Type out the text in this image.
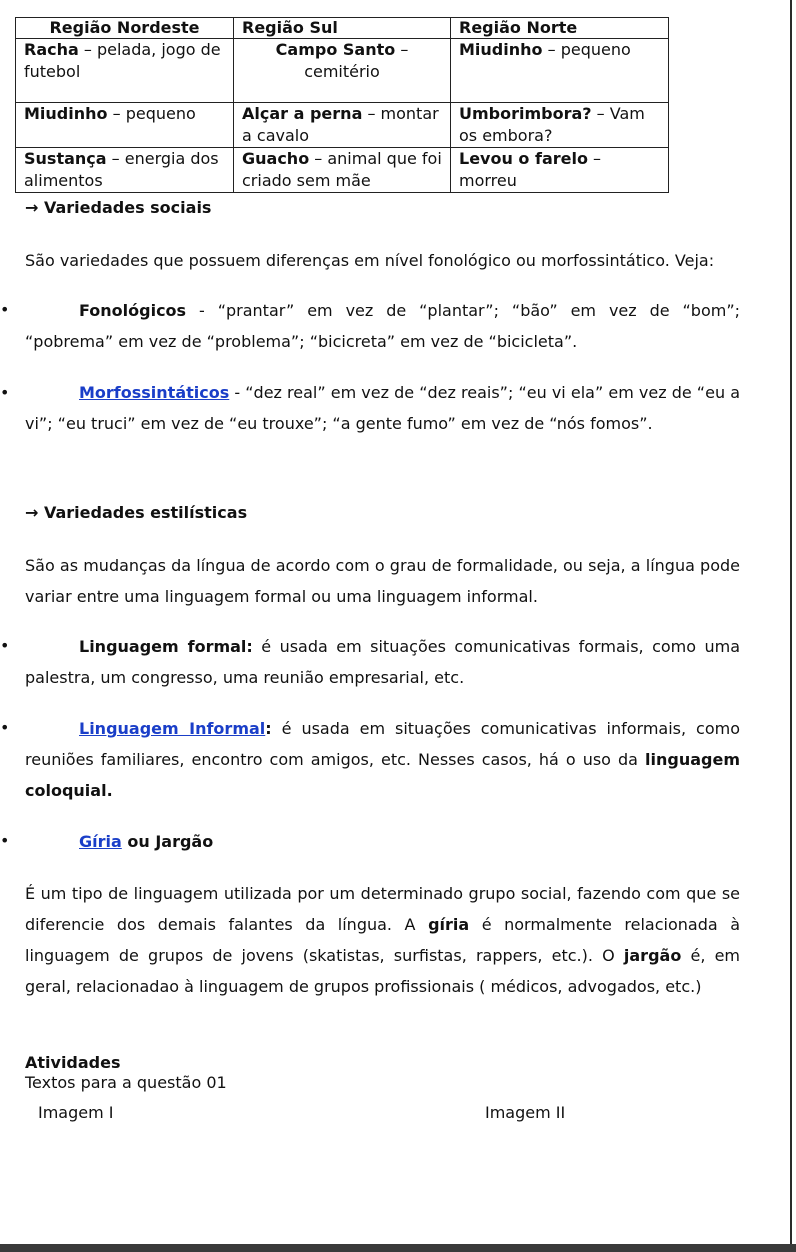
Região Nordeste	Região Sul	Região Norte
Racha – pelada, jogo de futebol	Campo Santo – cemitério	Miudinho – pequeno
Miudinho – pequeno	Alçar a perna – montar a cavalo	Umborimbora? – Vam os embora?
Sustança – energia dos alimentos	Guacho – animal que foi criado sem mãe	Levou o farelo – morreu
→ Variedades sociais
São variedades que possuem diferenças em nível fonológico ou morfossintático. Veja:
•	Fonológicos - “prantar” em vez de “plantar”; “bão” em vez de “bom”; “pobrema” em vez de “problema”; “bicicreta” em vez de “bicicleta”.
•	Morfossintáticos - “dez real” em vez de “dez reais”; “eu vi ela” em vez de “eu a vi”; “eu truci” em vez de “eu trouxe”; “a gente fumo” em vez de “nós fomos”.
→ Variedades estilísticas
São as mudanças da língua de acordo com o grau de formalidade, ou seja, a língua pode variar entre uma linguagem formal ou uma linguagem informal.
•	Linguagem formal: é usada em situações comunicativas formais, como uma palestra, um congresso, uma reunião empresarial, etc.
•	Linguagem Informal: é usada em situações comunicativas informais, como reuniões familiares, encontro com amigos, etc. Nesses casos, há o uso da linguagem coloquial.
•	Gíria ou Jargão
É um tipo de linguagem utilizada por um determinado grupo social, fazendo com que se diferencie dos demais falantes da língua. A gíria é normalmente relacionada à linguagem de grupos de jovens (skatistas, surfistas, rappers, etc.). O jargão é, em geral, relacionadao à linguagem de grupos profissionais ( médicos, advogados, etc.)
Atividades
Textos para a questão 01
Imagem I	Imagem II
